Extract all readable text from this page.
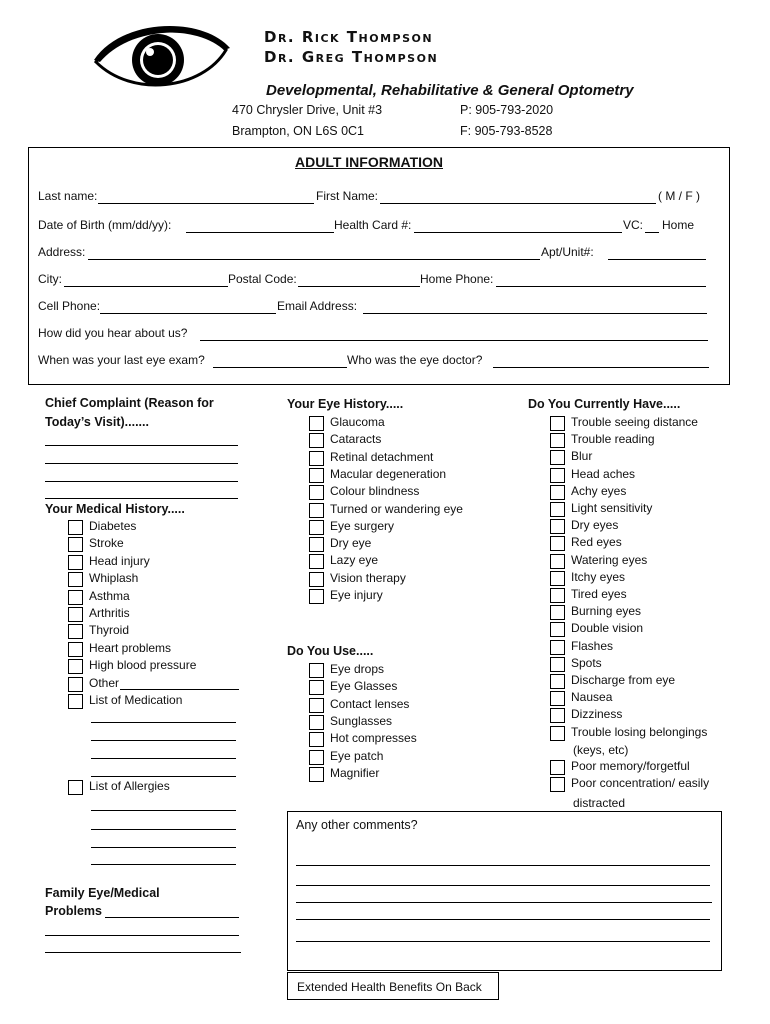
Dr. Rick Thompson
Dr. Greg Thompson
Developmental, Rehabilitative & General Optometry
470 Chrysler Drive, Unit #3
Brampton, ON L6S 0C1
P: 905-793-2020
F: 905-793-8528
ADULT INFORMATION
Last name:	First Name:	( M / F )
Date of Birth (mm/dd/yy):	Health Card #:	VC: Home
Address:	Apt/Unit#:
City:	Postal Code:	Home Phone:
Cell Phone:	Email Address:
How did you hear about us?
When was your last eye exam?	Who was the eye doctor?
Chief Complaint (Reason for
Today’s Visit).......
Your Medical History.....
Diabetes
Stroke
Head injury
Whiplash
Asthma
Arthritis
Thyroid
Heart problems
High blood pressure
Other
List of Medication
List of Allergies
Family Eye/Medical
Problems
Your Eye History.....
Glaucoma
Cataracts
Retinal detachment
Macular degeneration
Colour blindness
Turned or wandering eye
Eye surgery
Dry eye
Lazy eye
Vision therapy
Eye injury
Do You Use.....
Eye drops
Eye Glasses
Contact lenses
Sunglasses
Hot compresses
Eye patch
Magnifier
Do You Currently Have.....
Trouble seeing distance
Trouble reading
Blur
Head aches
Achy eyes
Light sensitivity
Dry eyes
Red eyes
Watering eyes
Itchy eyes
Tired eyes
Burning eyes
Double vision
Flashes
Spots
Discharge from eye
Nausea
Dizziness
Trouble losing belongings
Poor memory/forgetful
Poor concentration/ easily
(keys, etc)
distracted
Any other comments?
Extended Health Benefits On Back
